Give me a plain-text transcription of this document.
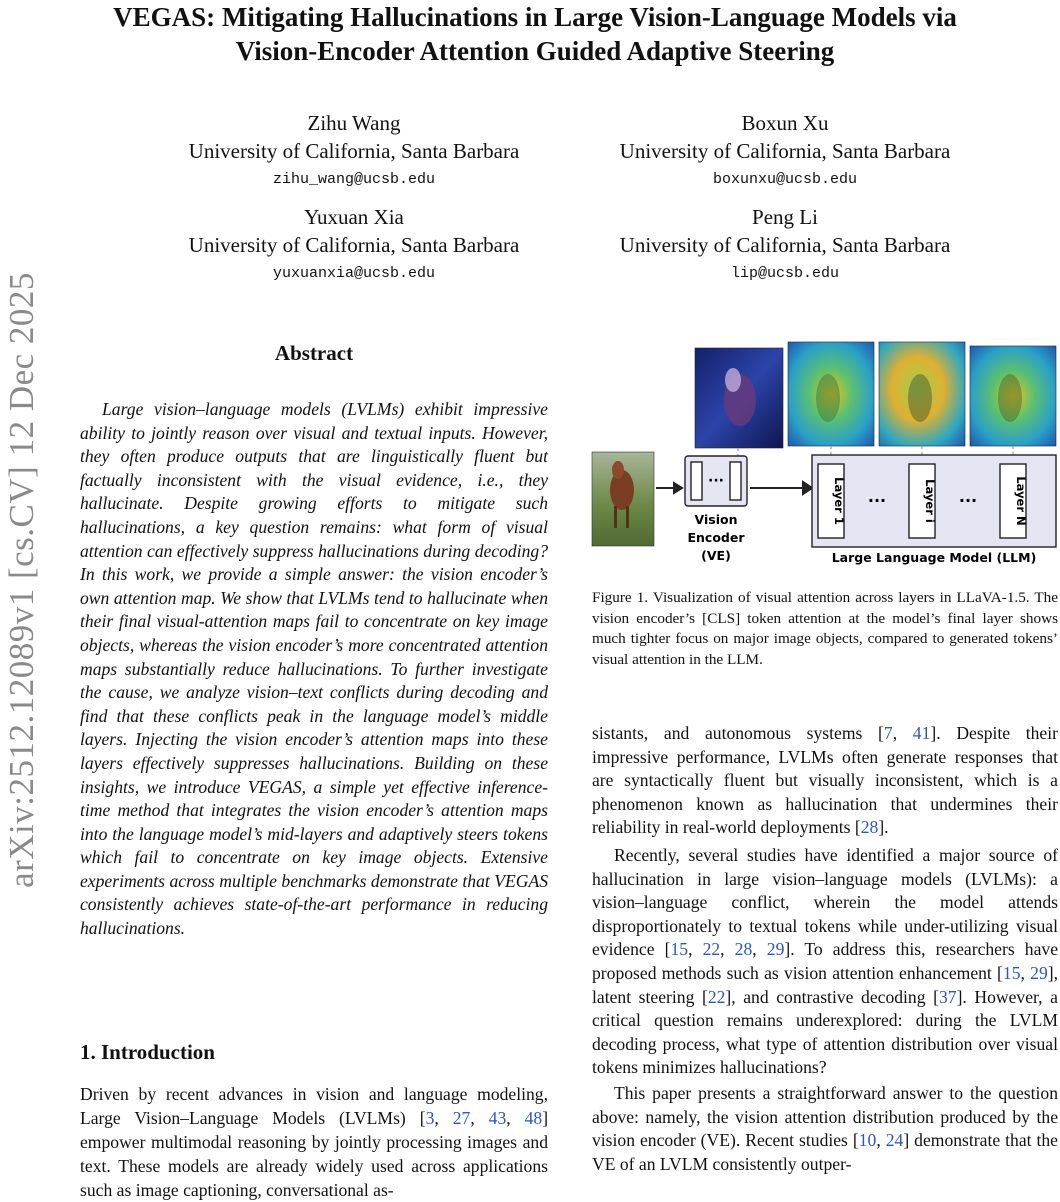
arXiv:2512.12089v1 [cs.CV] 12 Dec 2025
VEGAS: Mitigating Hallucinations in Large Vision-Language Models via
Vision-Encoder Attention Guided Adaptive Steering
Zihu Wang
University of California, Santa Barbara
zihu_wang@ucsb.edu
Boxun Xu
University of California, Santa Barbara
boxunxu@ucsb.edu
Yuxuan Xia
University of California, Santa Barbara
yuxuanxia@ucsb.edu
Peng Li
University of California, Santa Barbara
lip@ucsb.edu
Abstract

Large vision–language models (LVLMs) exhibit impressive ability to jointly reason over visual and textual inputs. However, they often produce outputs that are linguistically fluent but factually inconsistent with the visual evidence, i.e., they hallucinate. Despite growing efforts to mitigate such hallucinations, a key question remains: what form of visual attention can effectively suppress hallucinations during decoding? In this work, we provide a simple answer: the vision encoder’s own attention map. We show that LVLMs tend to hallucinate when their final visual-attention maps fail to concentrate on key image objects, whereas the vision encoder’s more concentrated attention maps substantially reduce hallucinations. To further investigate the cause, we analyze vision–text conflicts during decoding and find that these conflicts peak in the language model’s middle layers. Injecting the vision encoder’s attention maps into these layers effectively suppresses hallucinations. Building on these insights, we introduce VEGAS, a simple yet effective inference-time method that integrates the vision encoder’s attention maps into the language model’s mid-layers and adaptively steers tokens which fail to concentrate on key image objects. Extensive experiments across multiple benchmarks demonstrate that VEGAS consistently achieves state-of-the-art performance in reducing hallucinations.

1. Introduction

Driven by recent advances in vision and language modeling, Large Vision–Language Models (LVLMs) [3, 27, 43, 48] empower multimodal reasoning by jointly processing images and text. These models are already widely used across applications such as image captioning, conversational as-

···
Vision
Encoder
(VE)
Layer 1	Layer i	Layer N
···	···
Large Language Model (LLM)

Figure 1. Visualization of visual attention across layers in LLaVA-1.5. The vision encoder’s [CLS] token attention at the model’s final layer shows much tighter focus on major image objects, compared to generated tokens’ visual attention in the LLM.

sistants, and autonomous systems [7, 41]. Despite their impressive performance, LVLMs often generate responses that are syntactically fluent but visually inconsistent, which is a phenomenon known as hallucination that undermines their reliability in real-world deployments [28].

Recently, several studies have identified a major source of hallucination in large vision–language models (LVLMs): a vision–language conflict, wherein the model attends disproportionately to textual tokens while under-utilizing visual evidence [15, 22, 28, 29]. To address this, researchers have proposed methods such as vision attention enhancement [15, 29], latent steering [22], and contrastive decoding [37]. However, a critical question remains underexplored: during the LVLM decoding process, what type of attention distribution over visual tokens minimizes hallucinations?

This paper presents a straightforward answer to the question above: namely, the vision attention distribution produced by the vision encoder (VE). Recent studies [10, 24] demonstrate that the VE of an LVLM consistently outper-
